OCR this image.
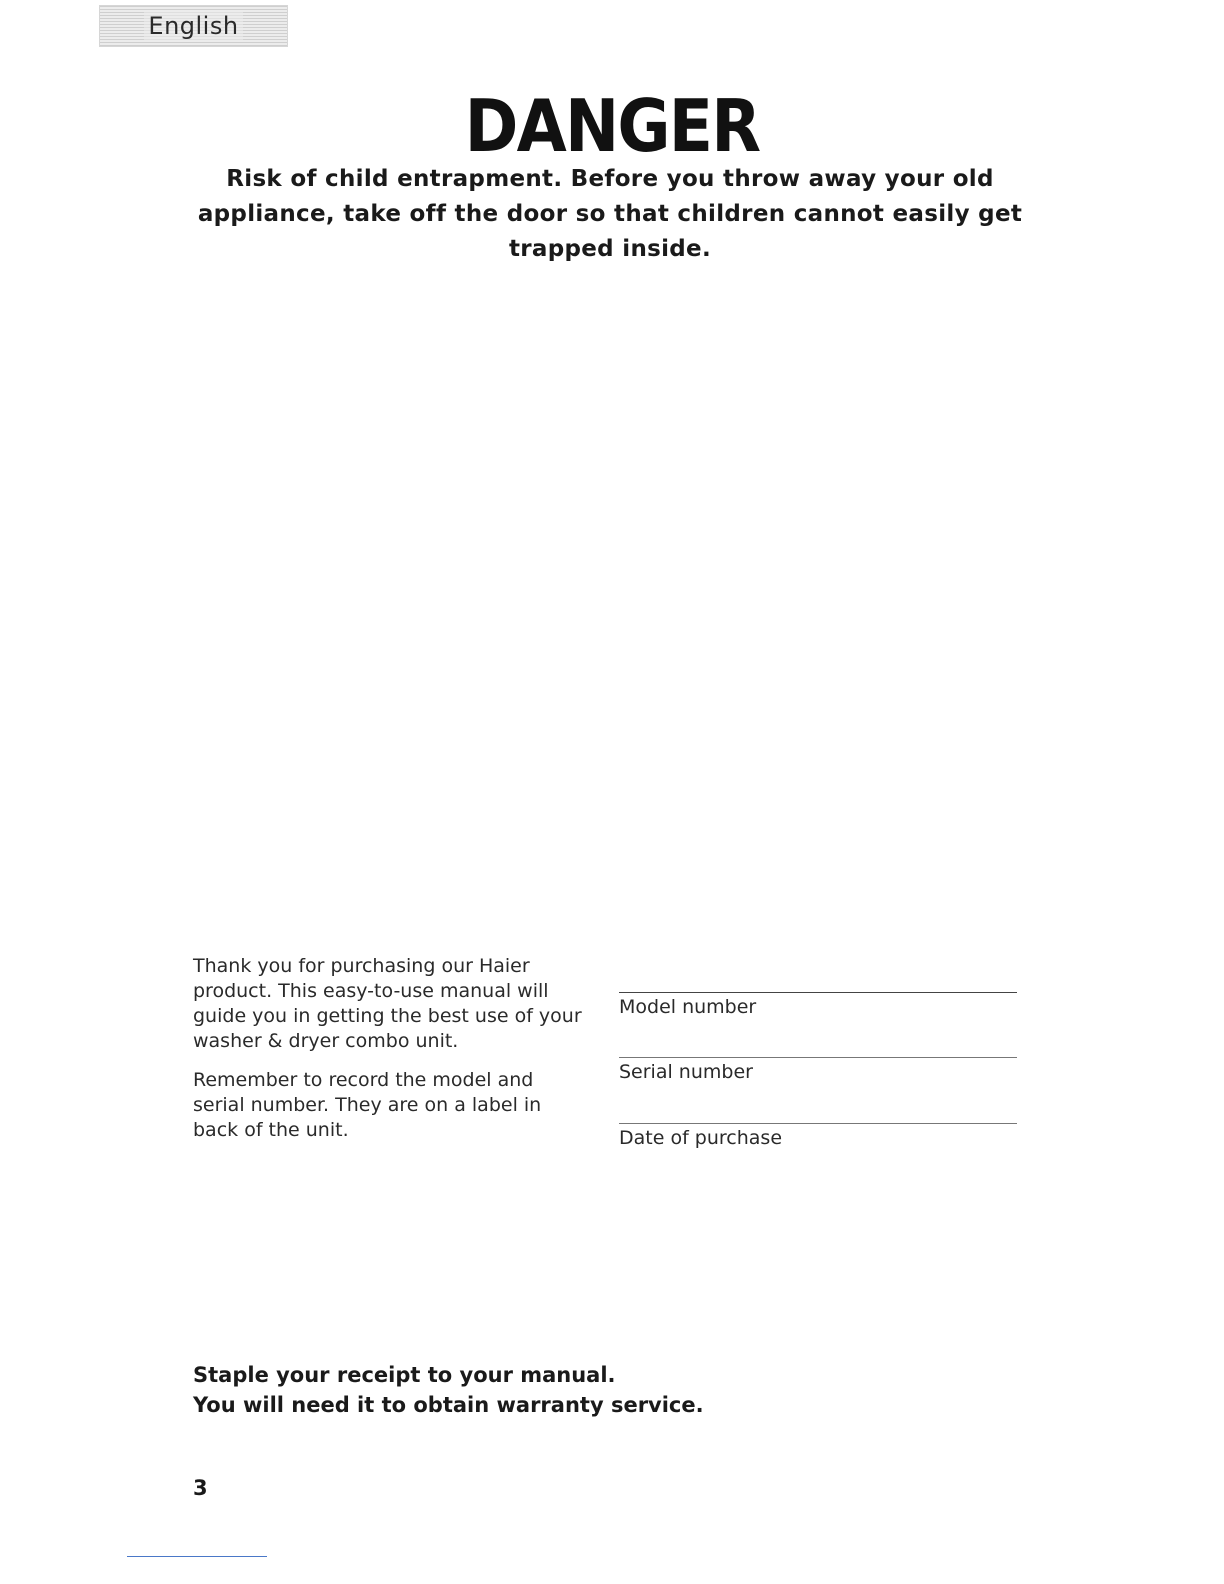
English
DANGER
Risk of child entrapment. Before you throw away your old appliance, take off the door so that children cannot easily get trapped inside.

Thank you for purchasing our Haier product. This easy-to-use manual will guide you in getting the best use of your washer & dryer combo unit.

Remember to record the model and serial number. They are on a label in back of the unit.

Model number
Serial number
Date of purchase
Staple your receipt to your manual.
You will need it to obtain warranty service.
3
